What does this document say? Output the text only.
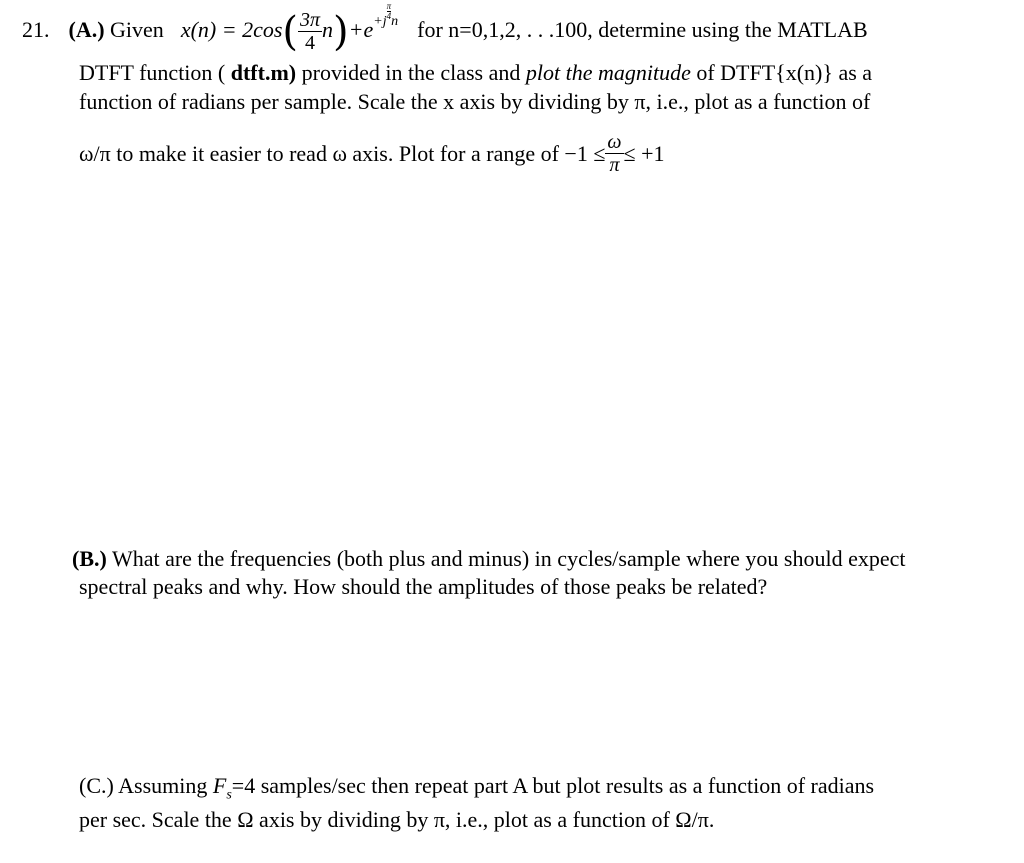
21. (A.) Given $x(n) = 2\cos( \frac{3\pi}{4} n)+e^{+j \frac{\pi}{4} n}$ for n=0,1,2, . . .100, determine using the MATLAB
DTFT function ( dtft.m) provided in the class and plot the magnitude of DTFT{x(n)} as a
function of radians per sample. Scale the x axis by dividing by π, i.e., plot as a function of
ω/π to make it easier to read ω axis. Plot for a range of $-1 \le \frac{\omega}{\pi} \le +1$
(B.) What are the frequencies (both plus and minus) in cycles/sample where you should expect
spectral peaks and why. How should the amplitudes of those peaks be related?
(C.) Assuming $F_s=4$ samples/sec then repeat part A but plot results as a function of radians
per sec. Scale the Ω axis by dividing by π, i.e., plot as a function of Ω/π.
